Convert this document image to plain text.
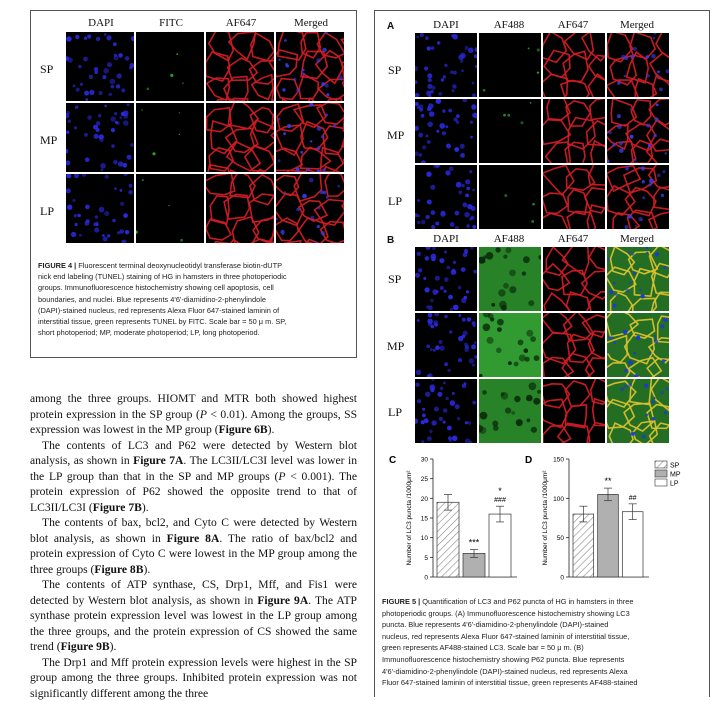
DAPI	FITC	AF647	Merged
SP
MP
LP
FIGURE 4 | Fluorescent terminal deoxynucleotidyl transferase biotin-dUTP
nick end labeling (TUNEL) staining of HG in hamsters in three photoperiodic
groups. Immunofluorescence histochemistry showing cell apoptosis, cell
boundaries, and nuclei. Blue represents 4'6'-diamidino-2-phenylindole
(DAPI)-stained nucleus, red represents Alexa Fluor 647-stained laminin of
interstitial tissue, green represents TUNEL by FITC. Scale bar = 50 μ m. SP,
short photoperiod; MP, moderate photoperiod; LP, long photoperiod.

among the three groups. HIOMT and MTR both showed highest protein expression in the SP group (P < 0.01). Among the groups, SS expression was lowest in the MP group (Figure 6B).

The contents of LC3 and P62 were detected by Western blot analysis, as shown in Figure 7A. The LC3II/LC3I level was lower in the LP group than that in the SP and MP groups (P < 0.001). The protein expression of P62 showed the opposite trend to that of LC3II/LC3I (Figure 7B).

The contents of bax, bcl2, and Cyto C were detected by Western blot analysis, as shown in Figure 8A. The ratio of bax/bcl2 and protein expression of Cyto C were lowest in the MP group among the three groups (Figure 8B).

The contents of ATP synthase, CS, Drp1, Mff, and Fis1 were detected by Western blot analysis, as shown in Figure 9A. The ATP synthase protein expression level was lowest in the LP group among the three groups, and the protein expression of CS showed the same trend (Figure 9B).

The Drp1 and Mff protein expression levels were highest in the SP group among the three groups. Inhibited protein expression was not significantly different among the three

A	DAPI	AF488	AF647	Merged
SP
MP
LP
B	DAPI	AF488	AF647	Merged
SP
MP
LP
C
0
5
10
15
20
25
30
Number of LC3 puncta /1000μm²	***
*
###
D
0
50
100
150
Number of LC3 puncta /1000μm²	**
##
SP
MP
LP
FIGURE 5 | Quantification of LC3 and P62 puncta of HG in hamsters in three
photoperiodic groups. (A) Immunofluorescence histochemistry showing LC3
puncta. Blue represents 4'6'-diamidino-2-phenylindole (DAPI)-stained
nucleus, red represents Alexa Fluor 647-stained laminin of interstitial tissue,
green represents AF488-stained LC3. Scale bar = 50 μ m. (B)
Immunofluorescence histochemistry showing P62 puncta. Blue represents
4'6'-diamidino-2-phenylindole (DAPI)-stained nucleus, red represents Alexa
Fluor 647-stained laminin of interstitial tissue, green represents AF488-stained
